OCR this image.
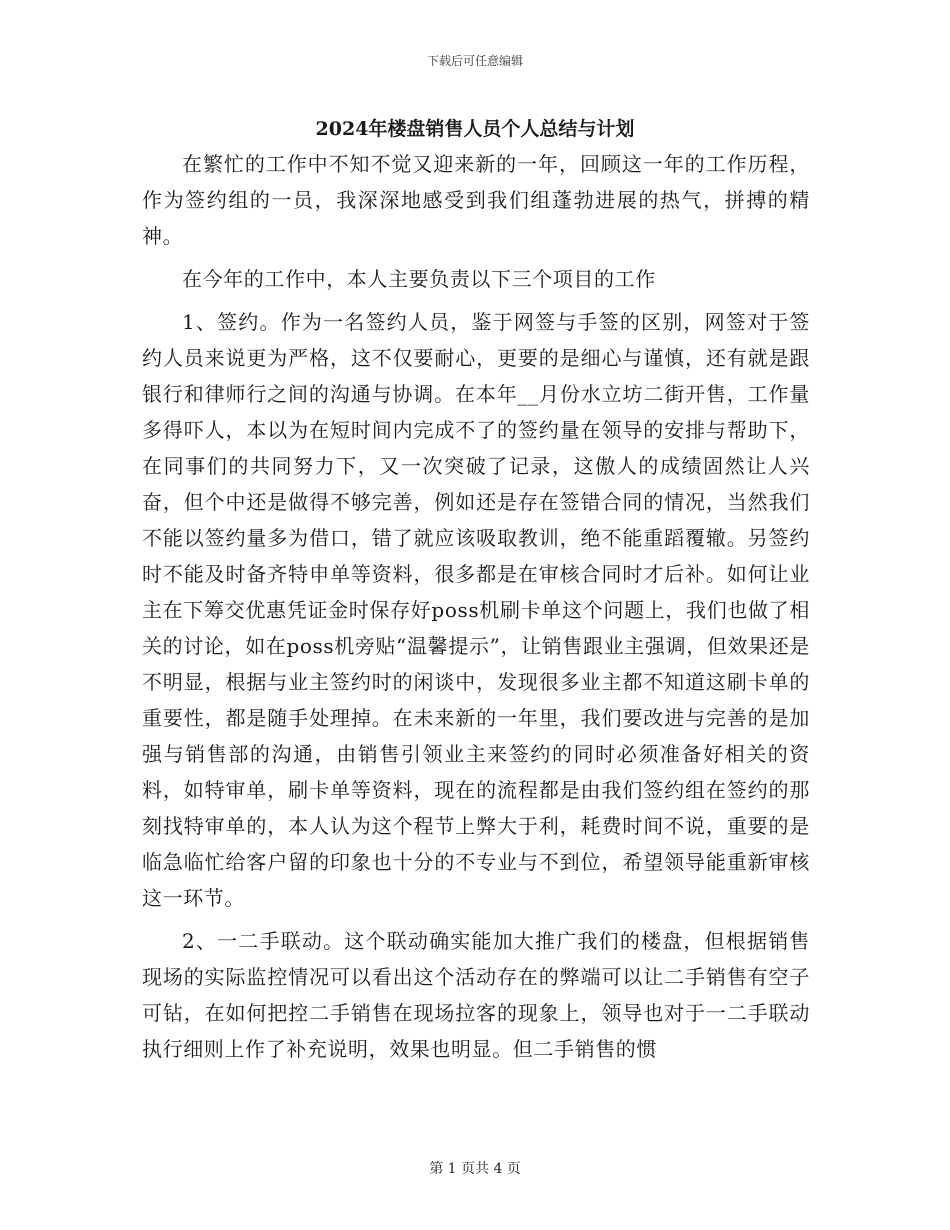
下载后可任意编辑
2024年楼盘销售人员个人总结与计划

在繁忙的工作中不知不觉又迎来新的一年，回顾这一年的工作历程，作为签约组的一员，我深深地感受到我们组蓬勃进展的热气，拼搏的精神。

在今年的工作中，本人主要负责以下三个项目的工作

1、签约。作为一名签约人员，鉴于网签与手签的区别，网签对于签约人员来说更为严格，这不仅要耐心，更要的是细心与谨慎，还有就是跟银行和律师行之间的沟通与协调。在本年__月份水立坊二街开售，工作量多得吓人，本以为在短时间内完成不了的签约量在领导的安排与帮助下，在同事们的共同努力下，又一次突破了记录，这傲人的成绩固然让人兴奋，但个中还是做得不够完善，例如还是存在签错合同的情况，当然我们不能以签约量多为借口，错了就应该吸取教训，绝不能重蹈覆辙。另签约时不能及时备齐特申单等资料，很多都是在审核合同时才后补。如何让业主在下筹交优惠凭证金时保存好poss机刷卡单这个问题上，我们也做了相关的讨论，如在poss机旁贴“温馨提示”，让销售跟业主强调，但效果还是不明显，根据与业主签约时的闲谈中，发现很多业主都不知道这刷卡单的重要性，都是随手处理掉。在未来新的一年里，我们要改进与完善的是加强与销售部的沟通，由销售引领业主来签约的同时必须准备好相关的资料，如特审单，刷卡单等资料，现在的流程都是由我们签约组在签约的那刻找特审单的，本人认为这个程节上弊大于利，耗费时间不说，重要的是临急临忙给客户留的印象也十分的不专业与不到位，希望领导能重新审核这一环节。

2、一二手联动。这个联动确实能加大推广我们的楼盘，但根据销售现场的实际监控情况可以看出这个活动存在的弊端可以让二手销售有空子可钻，在如何把控二手销售在现场拉客的现象上，领导也对于一二手联动执行细则上作了补充说明，效果也明显。但二手销售的惯

第 1 页共 4 页
